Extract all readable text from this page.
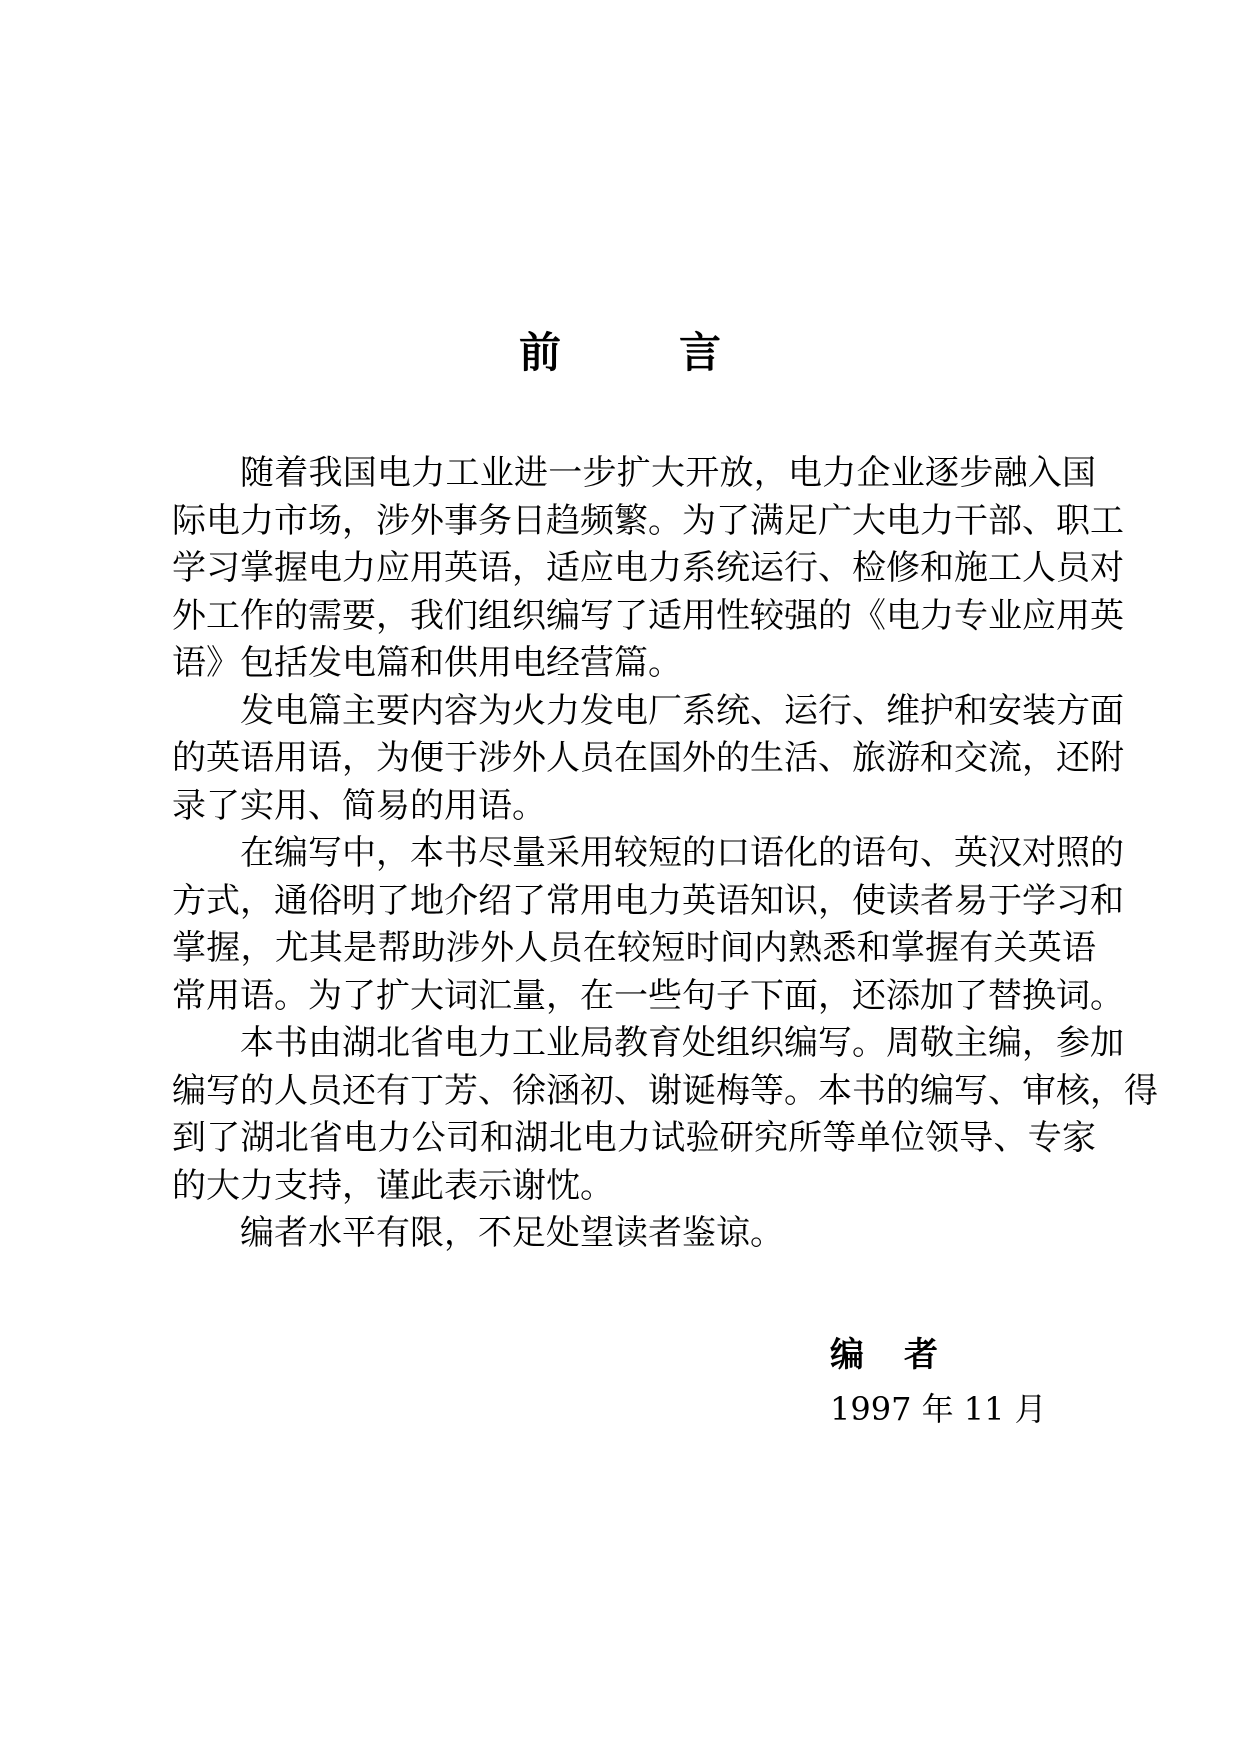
前	言
随着我国电力工业进一步扩大开放，电力企业逐步融入国
际电力市场，涉外事务日趋频繁。为了满足广大电力干部、职工
学习掌握电力应用英语，适应电力系统运行、检修和施工人员对
外工作的需要，我们组织编写了适用性较强的《电力专业应用英
语》包括发电篇和供用电经营篇。
发电篇主要内容为火力发电厂系统、运行、维护和安装方面
的英语用语，为便于涉外人员在国外的生活、旅游和交流，还附
录了实用、简易的用语。
在编写中，本书尽量采用较短的口语化的语句、英汉对照的
方式，通俗明了地介绍了常用电力英语知识，使读者易于学习和
掌握，尤其是帮助涉外人员在较短时间内熟悉和掌握有关英语
常用语。为了扩大词汇量，在一些句子下面，还添加了替换词。
本书由湖北省电力工业局教育处组织编写。周敬主编，参加
编写的人员还有丁芳、徐涵初、谢诞梅等。本书的编写、审核，得
到了湖北省电力公司和湖北电力试验研究所等单位领导、专家
的大力支持，谨此表示谢忱。
编者水平有限，不足处望读者鉴谅。
编 者
1997 年 11 月
